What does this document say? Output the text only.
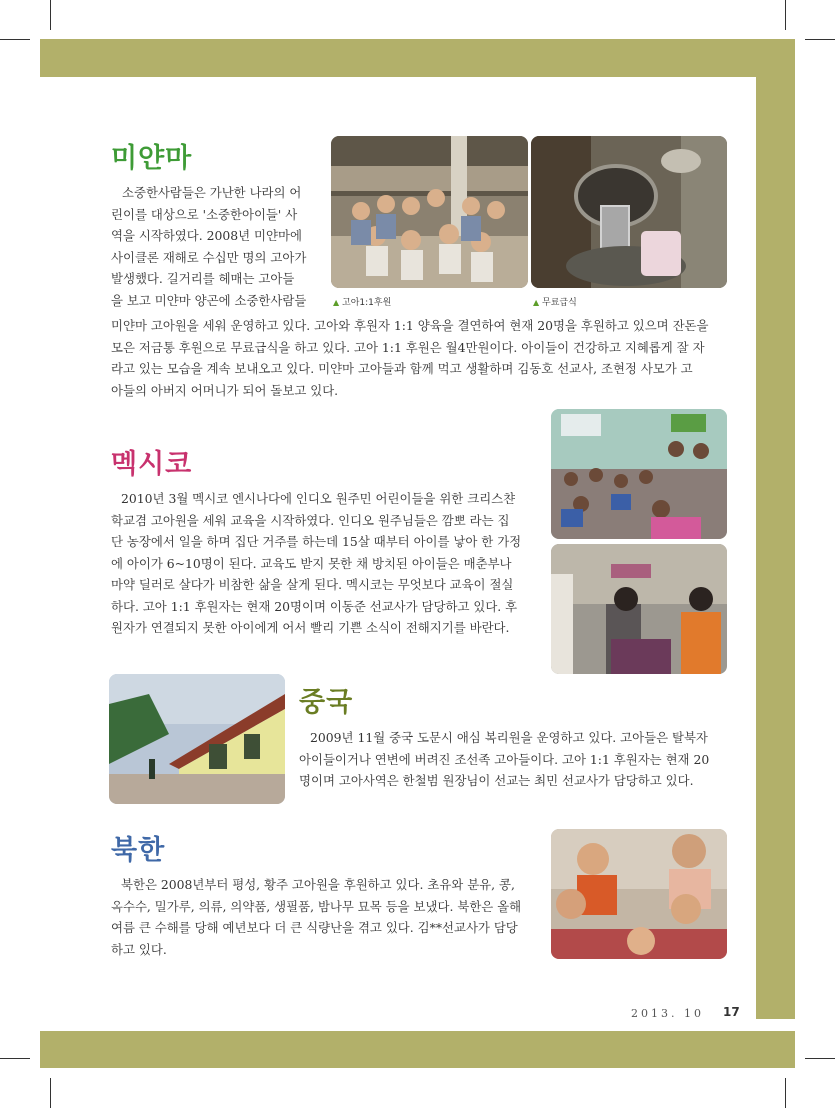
미얀마
소중한사람들은 가난한 나라의 어
린이를 대상으로 '소중한아이들' 사
역을 시작하였다. 2008년 미얀마에
사이클론 재해로 수십만 명의 고아가
발생했다. 길거리를 헤매는 고아들
을 보고 미얀마 양곤에 소중한사람들
미얀마 고아원을 세워 운영하고 있다. 고아와 후원자 1:1 양육을 결연하여 현재 20명을 후원하고 있으며 잔돈을
모은 저금통 후원으로 무료급식을 하고 있다. 고아 1:1 후원은 월4만원이다. 아이들이 건강하고 지혜롭게 잘 자
라고 있는 모습을 계속 보내오고 있다. 미얀마 고아들과 함께 먹고 생활하며 김동호 선교사, 조현정 사모가 고
아들의 아버지 어머니가 되어 돌보고 있다.
▲ 고아1:1후원	▲ 무료급식
멕시코
2010년 3월 멕시코 엔시나다에 인디오 원주민 어린이들을 위한 크리스챤
학교겸 고아원을 세워 교육을 시작하였다. 인디오 원주님들은 깜뽀 라는 집
단 농장에서 일을 하며 집단 거주를 하는데 15살 때부터 아이를 낳아 한 가정
에 아이가 6~10명이 된다. 교육도 받지 못한 채 방치된 아이들은 매춘부나
마약 딜러로 살다가 비참한 삶을 살게 된다. 멕시코는 무엇보다 교육이 절실
하다. 고아 1:1 후원자는 현재 20명이며 이동준 선교사가 담당하고 있다. 후
원자가 연결되지 못한 아이에게 어서 빨리 기쁜 소식이 전해지기를 바란다.
중국
2009년 11월 중국 도문시 애심 복리원을 운영하고 있다. 고아들은 탈북자
아이들이거나 연변에 버려진 조선족 고아들이다. 고아 1:1 후원자는 현재 20
명이며 고아사역은 한철범 원장님이 선교는 최민 선교사가 담당하고 있다.
북한
북한은 2008년부터 평성, 황주 고아원을 후원하고 있다. 초유와 분유, 콩,
옥수수, 밀가루, 의류, 의약품, 생필품, 밤나무 묘목 등을 보냈다. 북한은 올해
여름 큰 수해를 당해 예년보다 더 큰 식량난을 겪고 있다. 김**선교사가 담당
하고 있다.
2013. 10 17
